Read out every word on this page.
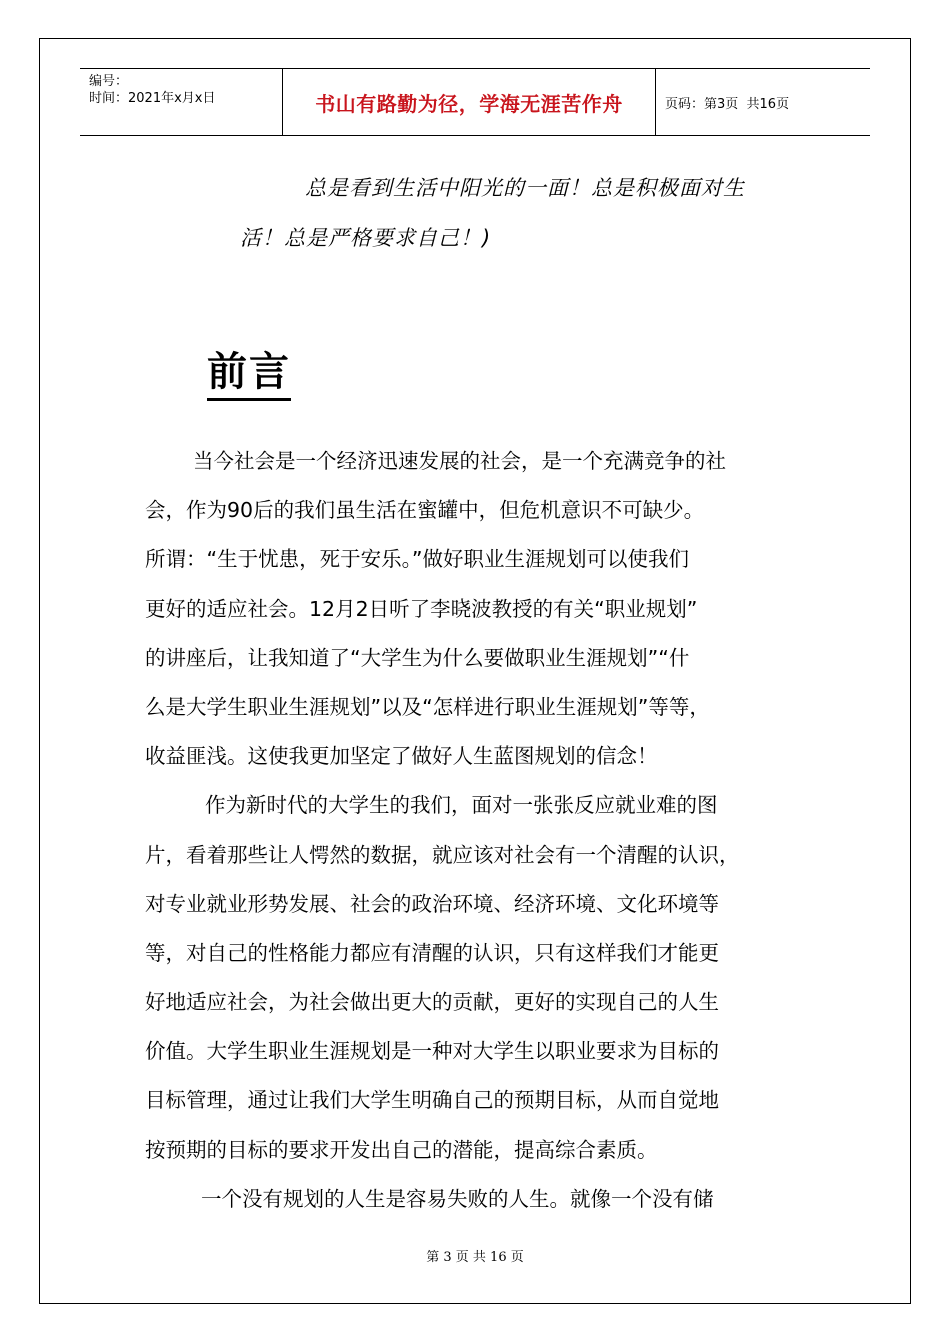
编号：
时间：2021年x月x日	书山有路勤为径，学海无涯苦作舟	页码：第3页  共16页
总是看到生活中阳光的一面！总是积极面对生
活！总是严格要求自己！)
前言
当今社会是一个经济迅速发展的社会，是一个充满竞争的社
会，作为90后的我们虽生活在蜜罐中，但危机意识不可缺少。
所谓：“生于忧患，死于安乐。”做好职业生涯规划可以使我们
更好的适应社会。12月2日听了李晓波教授的有关“职业规划”
的讲座后，让我知道了“大学生为什么要做职业生涯规划”“什
么是大学生职业生涯规划”以及“怎样进行职业生涯规划”等等，
收益匪浅。这使我更加坚定了做好人生蓝图规划的信念！
作为新时代的大学生的我们，面对一张张反应就业难的图
片，看着那些让人愕然的数据，就应该对社会有一个清醒的认识，
对专业就业形势发展、社会的政治环境、经济环境、文化环境等
等，对自己的性格能力都应有清醒的认识，只有这样我们才能更
好地适应社会，为社会做出更大的贡献，更好的实现自己的人生
价值。大学生职业生涯规划是一种对大学生以职业要求为目标的
目标管理，通过让我们大学生明确自己的预期目标，从而自觉地
按预期的目标的要求开发出自己的潜能，提高综合素质。
一个没有规划的人生是容易失败的人生。就像一个没有储
第 3 页 共 16 页
